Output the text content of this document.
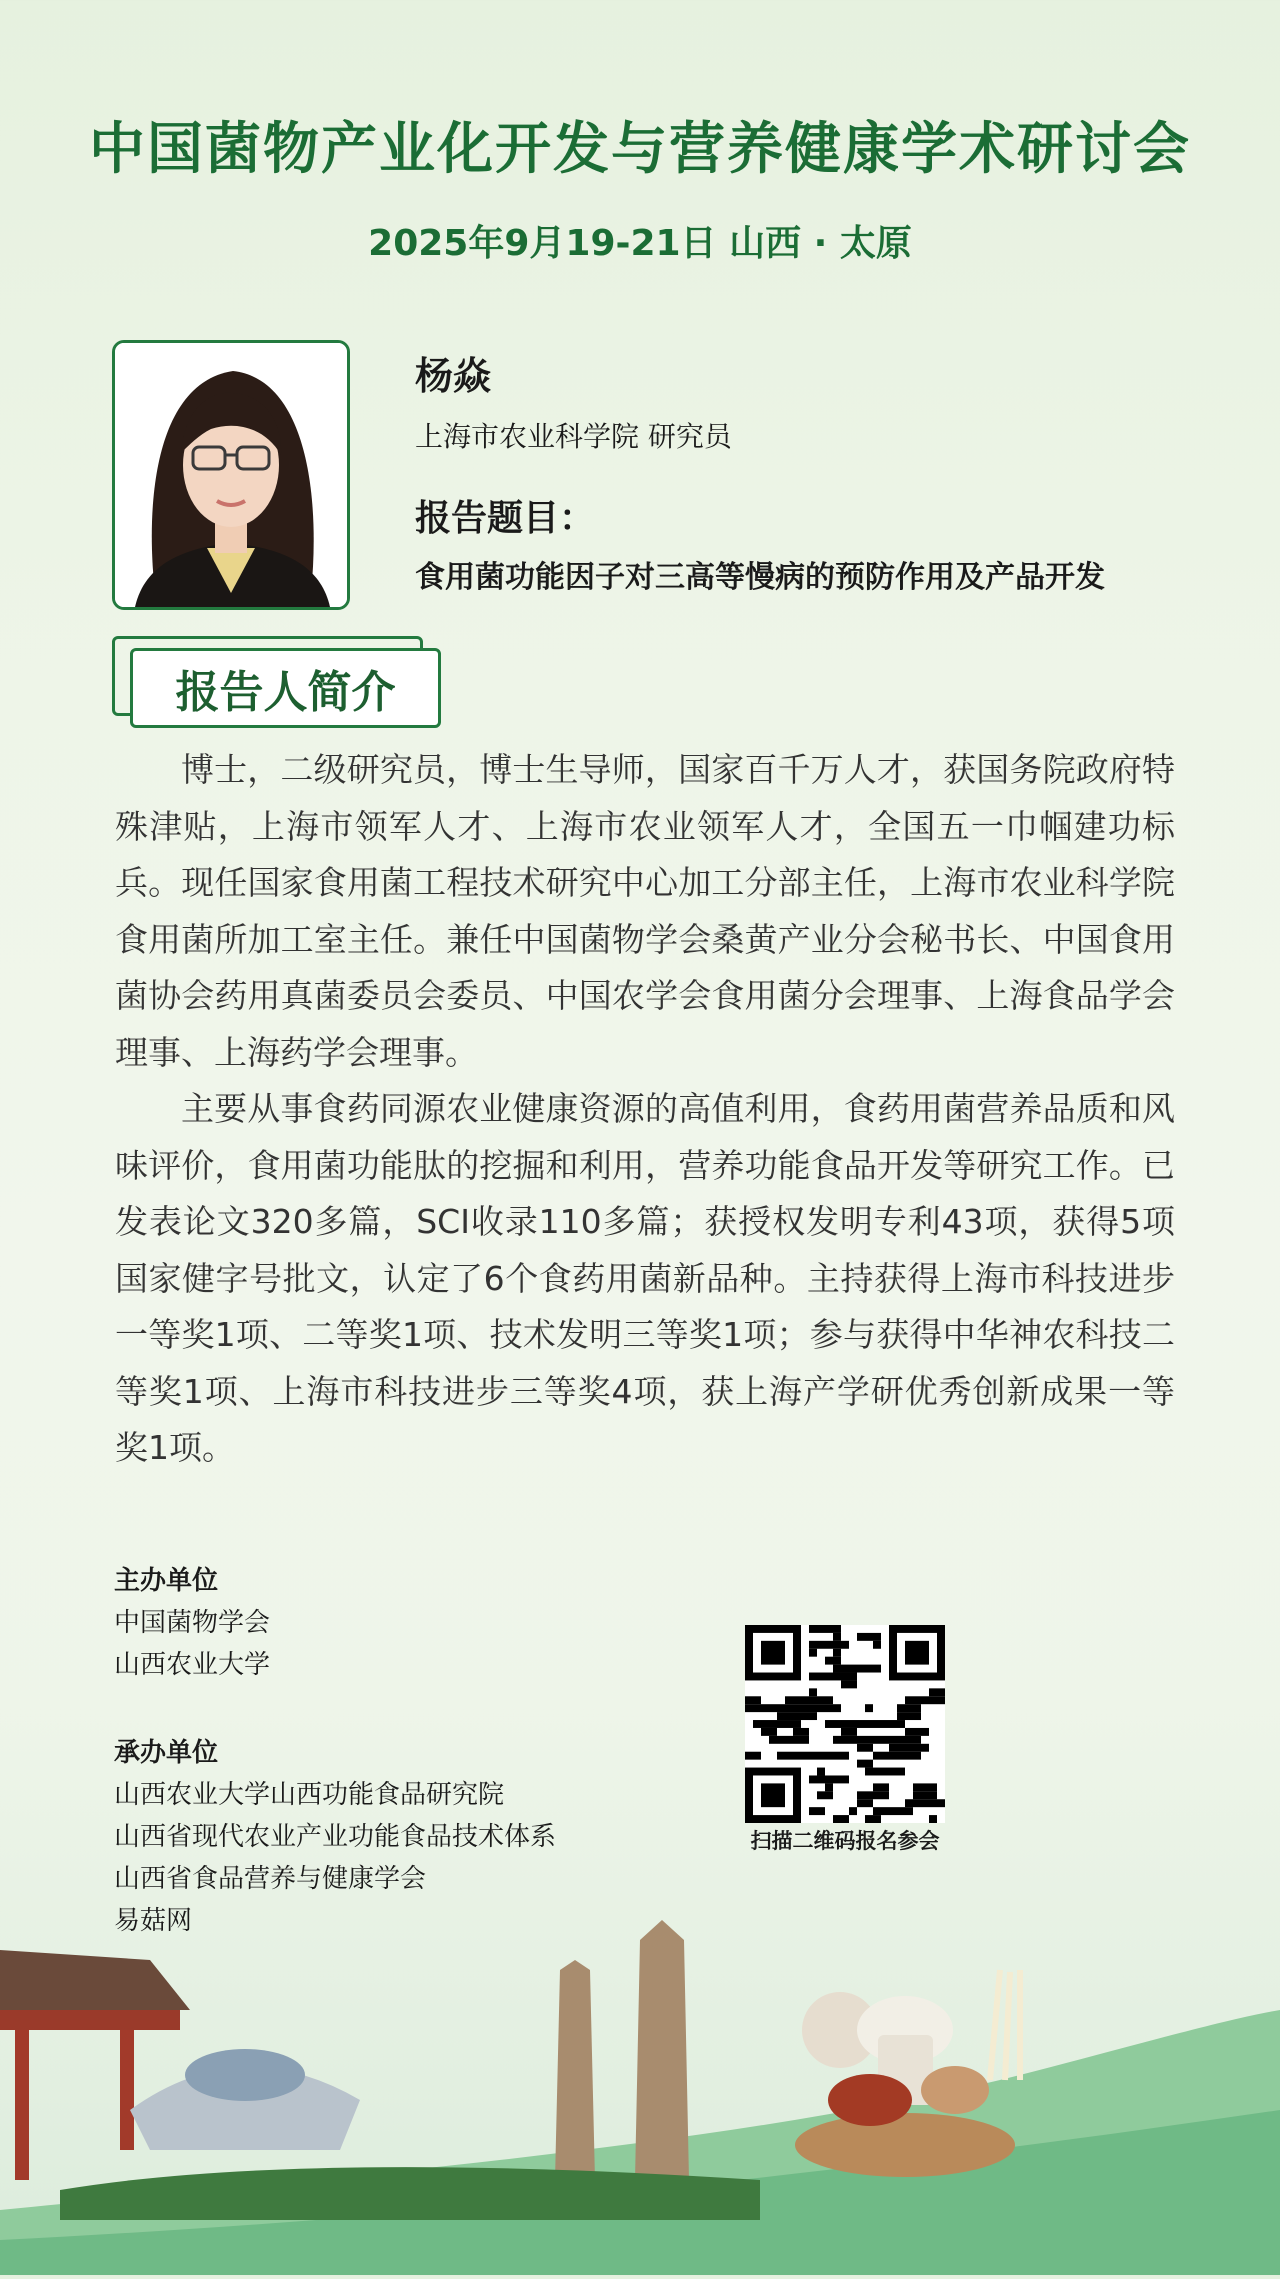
中国菌物产业化开发与营养健康学术研讨会
2025年9月19-21日 山西 · 太原
杨焱
上海市农业科学院 研究员
报告题目：
食用菌功能因子对三高等慢病的预防作用及产品开发
报告人简介

博士，二级研究员，博士生导师，国家百千万人才，获国务院政府特殊津贴，上海市领军人才、上海市农业领军人才，全国五一巾帼建功标兵。现任国家食用菌工程技术研究中心加工分部主任，上海市农业科学院食用菌所加工室主任。兼任中国菌物学会桑黄产业分会秘书长、中国食用菌协会药用真菌委员会委员、中国农学会食用菌分会理事、上海食品学会理事、上海药学会理事。

主要从事食药同源农业健康资源的高值利用，食药用菌营养品质和风味评价，食用菌功能肽的挖掘和利用，营养功能食品开发等研究工作。已发表论文320多篇，SCI收录110多篇；获授权发明专利43项，获得5项国家健字号批文，认定了6个食药用菌新品种。主持获得上海市科技进步一等奖1项、二等奖1项、技术发明三等奖1项；参与获得中华神农科技二等奖1项、上海市科技进步三等奖4项，获上海产学研优秀创新成果一等奖1项。

主办单位
中国菌物学会
山西农业大学
承办单位
山西农业大学山西功能食品研究院
山西省现代农业产业功能食品技术体系
山西省食品营养与健康学会
易菇网
扫描二维码报名参会
